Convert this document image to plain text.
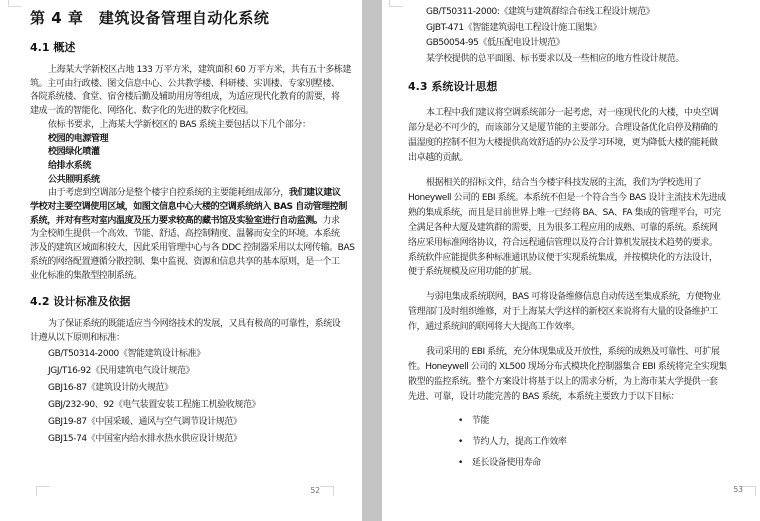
第 4 章　建筑设备管理自动化系统
4.1 概述
上海某大学新校区占地 133 万平方米，建筑面积 60 万平方米，共有五十多栋建
筑。主可由行政楼、图文信息中心、公共教学楼、科研楼、实训楼、专家别墅楼、
各院系统楼、食堂、宿舍楼后勤及辅助用房等组成，为适应现代化教育的需要，将
建成一流的智能化、网络化、数字化的先进的数字化校园。
依标书要求，上海某大学新校区的 BAS 系统主要包括以下几个部分：
校园的电源管理
校园绿化喷灌
给排水系统
公共照明系统
由于考虑到空调部分是整个楼宇自控系统的主要能耗组成部分，我们建议建议
学校对主要空调使用区域，如图文信息中心大楼的空调系统纳入 BAS 自动管理控制
系统，并对有些对室内温度及压力要求较高的藏书馆及实验室进行自动监测。力求
为全校师生提供一个高效、节能、舒适、高控制精度、温馨而安全的环境。本系统
涉及的建筑区域面积较大，因此采用管理中心与各 DDC 控制器采用以太网传输。BAS
系统的网络配置遵循分散控制、集中监视、资源和信息共享的基本原则，是一个工
业化标准的集散型控制系统。
4.2 设计标准及依据
为了保证系统的既能适应当今网络技术的发展，又具有极高的可靠性，系统设
计遵从以下原则和标准：
GB/T50314-2000《智能建筑设计标准》
JGJ/T16-92《民用建筑电气设计规范》
GBJ16-87《建筑设计防火规范》
GBJ/232-90、92《电气装置安装工程施工机验收规范》
GBJ19-87《中国采暖、通风与空气调节设计规范》
GBJ15-74《中国室内给水排水热水供应设计规范》
52
GB/T50311-2000:《建筑与建筑群综合布线工程设计规范》
GJBT-471《智能建筑弱电工程设计施工图集》
GB50054-95《低压配电设计规范》
某学校提供的总平面图、标书要求以及一些相应的地方性设计规范。
4.3 系统设计思想
本工程中我们建议将空调系统部分一起考虑，对一座现代化的大楼，中央空调
部分是必不可少的，而该部分又是厦节能的主要部分。合理设备优化启停及精确的
温湿度的控制不但为大楼提供高效舒适的办公及学习环境，更为降低大楼的能耗做
出卓越的贡献。
根据相关的招标文件，结合当今楼宇科技发展的主流，我们为学校选用了
Honeywell 公司的 EBI 系统。本系统不但是一个符合当今 BAS 设计主流技术先进成
熟的集成系统，而且是目前世界上唯一已经将 BA、SA、FA 集成的管理平台，可完
全满足各种大厦及建筑群的需要，且为很多工程应用的成熟、可靠的系统。系统网
络应采用标准网络协议，符合远程通信管理以及符合计算机发展技术趋势的要求。
系统软件应能提供多种标准通讯协议便于实现系统集成，并按模块化的方法设计，
便于系统规模及应用功能的扩展。
与弱电集成系统联网，BAS 可将设备维修信息自动传送至集成系统，方便物业
管理部门及时组织维修，对于上海某大学这样的新校区来说将有大量的设备维护工
作，通过系统间的联网将大大提高工作效率。
我司采用的 EBI 系统，充分体现集成及开放性，系统的成熟及可靠性、可扩展
性。Honeywell 公司的 XL500 现场分布式模块化控制器集合 EBI 系统将完全实现集
散型的监控系统。整个方案设计将基于以上的需求分析，为上海市某大学提供一套
先进、可靠，设计功能完善的 BAS 系统，本系统主要致力于以下目标：
• 节能
• 节约人力，提高工作效率
• 延长设备使用寿命
53
